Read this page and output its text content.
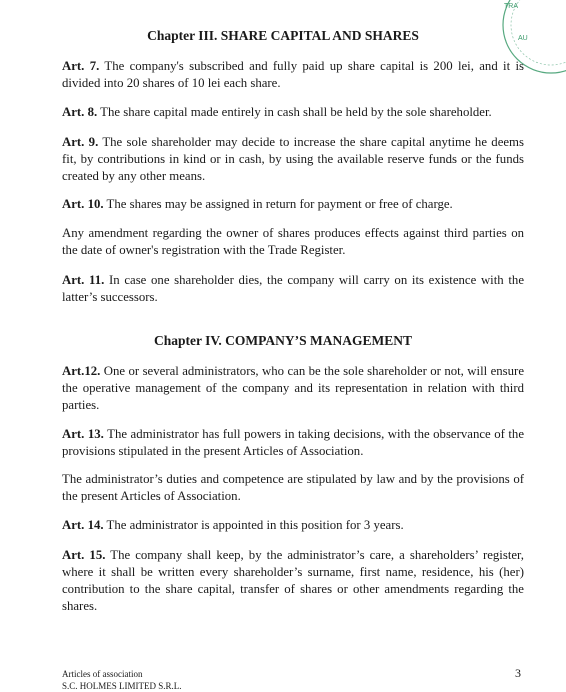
TRA
AU
Chapter III. SHARE CAPITAL AND SHARES
Art. 7. The company's subscribed and fully paid up share capital is 200 lei, and it is divided into 20 shares of 10 lei each share.
Art. 8. The share capital made entirely in cash shall be held by the sole shareholder.
Art. 9. The sole shareholder may decide to increase the share capital anytime he deems fit, by contributions in kind or in cash, by using the available reserve funds or the funds created by any other means.
Art. 10. The shares may be assigned in return for payment or free of charge.
Any amendment regarding the owner of shares produces effects against third parties on the date of owner's registration with the Trade Register.
Art. 11. In case one shareholder dies, the company will carry on its existence with the latter’s successors.
Chapter IV. COMPANY’S MANAGEMENT
Art.12. One or several administrators, who can be the sole shareholder or not, will ensure the operative management of the company and its representation in relation with third parties.
Art. 13. The administrator has full powers in taking decisions, with the observance of the provisions stipulated in the present Articles of Association.
The administrator’s duties and competence are stipulated by law and by the provisions of the present Articles of Association.
Art. 14. The administrator is appointed in this position for 3 years.
Art. 15. The company shall keep, by the administrator’s care, a shareholders’ register, where it shall be written every shareholder’s surname, first name, residence, his (her) contribution to the share capital, transfer of shares or other amendments regarding the shares.
Articles of association
S.C. HOLMES LIMITED S.R.L.
3
